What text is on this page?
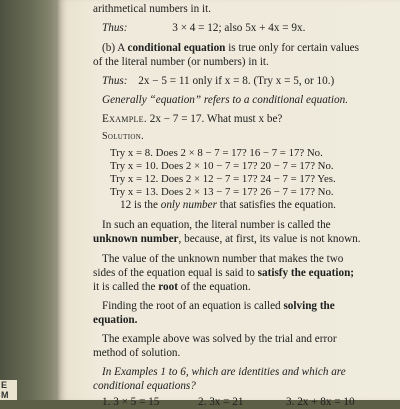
E
M
arithmetical numbers in it.
Thus:	3 × 4 = 12; also 5x + 4x = 9x.
(b) A conditional equation is true only for certain values
of the literal number (or numbers) in it.
Thus: 2x − 5 = 11 only if x = 8. (Try x = 5, or 10.)
Generally “equation” refers to a conditional equation.
Example. 2x − 7 = 17. What must x be?
Solution.
Try x = 8. Does 2 × 8 − 7 = 17? 16 − 7 = 17? No.
Try x = 10. Does 2 × 10 − 7 = 17? 20 − 7 = 17? No.
Try x = 12. Does 2 × 12 − 7 = 17? 24 − 7 = 17? Yes.
Try x = 13. Does 2 × 13 − 7 = 17? 26 − 7 = 17? No.
12 is the only number that satisfies the equation.
In such an equation, the literal number is called the
unknown number, because, at first, its value is not known.
The value of the unknown number that makes the two
sides of the equation equal is said to satisfy the equation;
it is called the root of the equation.
Finding the root of an equation is called solving the
equation.
The example above was solved by the trial and error
method of solution.
In Examples 1 to 6, which are identities and which are
conditional equations?
1. 3 × 5 = 15	2. 3x = 21	3. 2x + 8x = 10
